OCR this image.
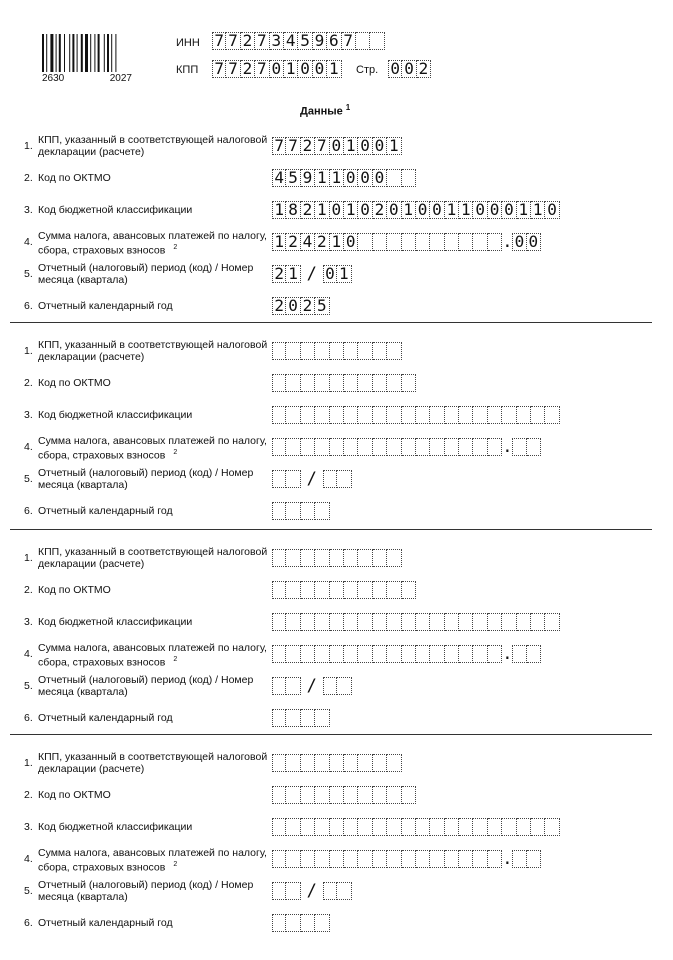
2630	2027
ИНН 7 7 2 7 3 4 5 9 6 7
КПП 7 7 2 7 0 1 0 0 1 Стр. 0 0 2
Данные $^1$
1. КПП, указанный в соответствующей налоговой декларации (расчете)	7 7 2 7 0 1 0 0 1
2. Код по ОКТМО	4 5 9 1 1 0 0 0
3. Код бюджетной классификации	1 8 2 1 0 1 0 2 0 1 0 0 1 1 0 0 0 1 1 0
4. Сумма налога, авансовых платежей по налогу, сбора, страховых взносов $^2$	1 2 4 2 1 0	. 0 0
5. Отчетный (налоговый) период (код) / Номер месяца (квартала)	2 1 / 0 1
6. Отчетный календарный год	2 0 2 5
1. КПП, указанный в соответствующей налоговой декларации (расчете)
2. Код по ОКТМО
3. Код бюджетной классификации
4. Сумма налога, авансовых платежей по налогу, сбора, страховых взносов $^2$	.
5. Отчетный (налоговый) период (код) / Номер месяца (квартала)	/
6. Отчетный календарный год
1. КПП, указанный в соответствующей налоговой декларации (расчете)
2. Код по ОКТМО
3. Код бюджетной классификации
4. Сумма налога, авансовых платежей по налогу, сбора, страховых взносов $^2$	.
5. Отчетный (налоговый) период (код) / Номер месяца (квартала)	/
6. Отчетный календарный год
1. КПП, указанный в соответствующей налоговой декларации (расчете)
2. Код по ОКТМО
3. Код бюджетной классификации
4. Сумма налога, авансовых платежей по налогу, сбора, страховых взносов $^2$	.
5. Отчетный (налоговый) период (код) / Номер месяца (квартала)	/
6. Отчетный календарный год
